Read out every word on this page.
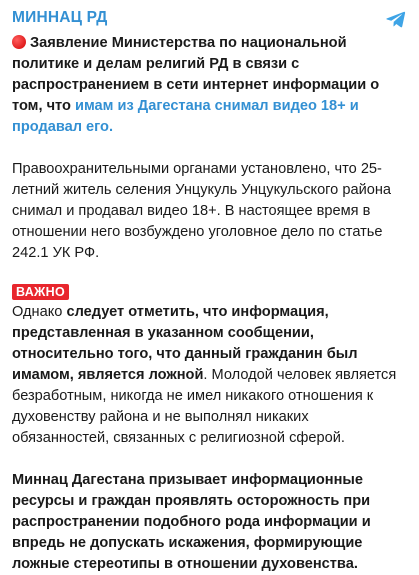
МИННАЦ РД

Заявление Министерства по национальной политике и делам религий РД в связи с распространением в сети интернет информации о том, что имам из Дагестана снимал видео 18+ и продавал его.

Правоохранительными органами установлено, что 25-летний житель селения Унцукуль Унцукульского района снимал и продавал видео 18+. В настоящее время в отношении него возбуждено уголовное дело по статье 242.1 УК РФ.

ВАЖНО

Однако следует отметить, что информация, представленная в указанном сообщении, относительно того, что данный гражданин был имамом, является ложной. Молодой человек является безработным, никогда не имел никакого отношения к духовенству района и не выполнял никаких обязанностей, связанных с религиозной сферой.

Миннац Дагестана призывает информационные ресурсы и граждан проявлять осторожность при распространении подобного рода информации и впредь не допускать искажения, формирующие ложные стереотипы в отношении духовенства.
